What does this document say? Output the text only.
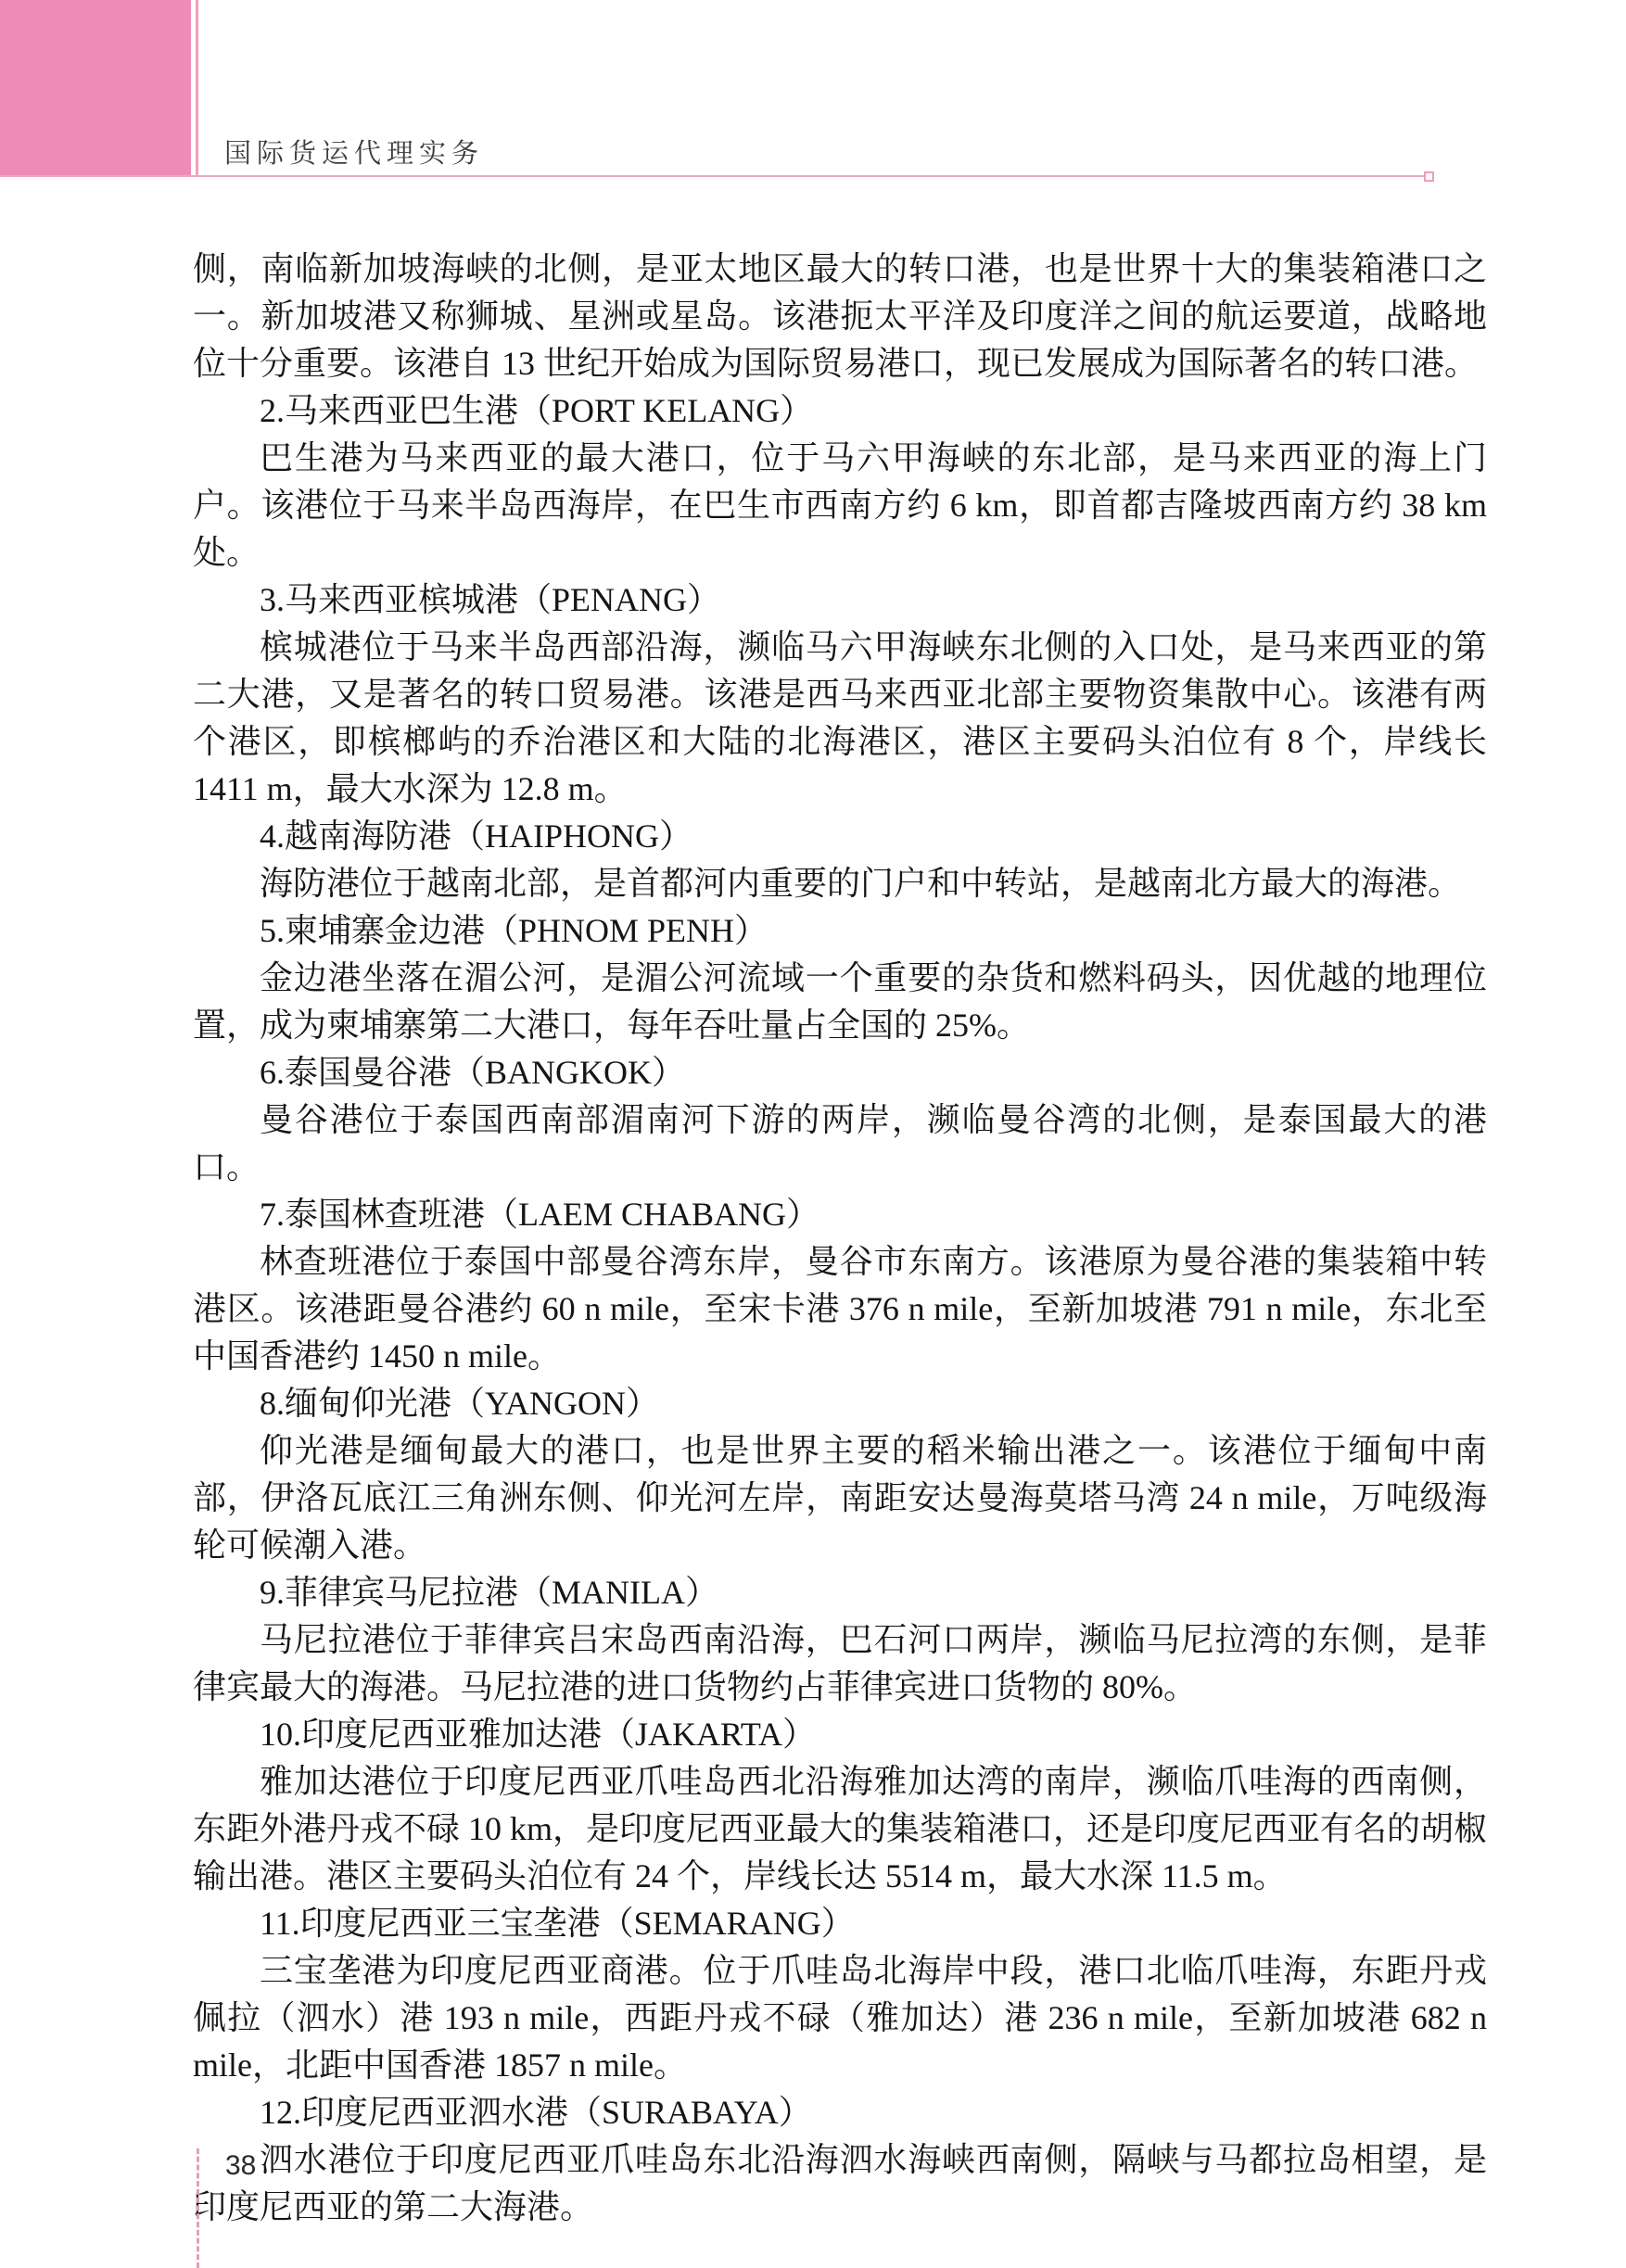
国际货运代理实务

侧，南临新加坡海峡的北侧，是亚太地区最大的转口港，也是世界十大的集装箱港口之一。新加坡港又称狮城、星洲或星岛。该港扼太平洋及印度洋之间的航运要道，战略地位十分重要。该港自 13 世纪开始成为国际贸易港口，现已发展成为国际著名的转口港。

2.马来西亚巴生港（PORT KELANG）

巴生港为马来西亚的最大港口，位于马六甲海峡的东北部，是马来西亚的海上门户。该港位于马来半岛西海岸，在巴生市西南方约 6 km，即首都吉隆坡西南方约 38 km 处。

3.马来西亚槟城港（PENANG）

槟城港位于马来半岛西部沿海，濒临马六甲海峡东北侧的入口处，是马来西亚的第二大港，又是著名的转口贸易港。该港是西马来西亚北部主要物资集散中心。该港有两个港区，即槟榔屿的乔治港区和大陆的北海港区，港区主要码头泊位有 8 个，岸线长 1411 m，最大水深为 12.8 m。

4.越南海防港（HAIPHONG）

海防港位于越南北部，是首都河内重要的门户和中转站，是越南北方最大的海港。

5.柬埔寨金边港（PHNOM PENH）

金边港坐落在湄公河，是湄公河流域一个重要的杂货和燃料码头，因优越的地理位置，成为柬埔寨第二大港口，每年吞吐量占全国的 25%。

6.泰国曼谷港（BANGKOK）

曼谷港位于泰国西南部湄南河下游的两岸，濒临曼谷湾的北侧，是泰国最大的港口。

7.泰国林查班港（LAEM CHABANG）

林查班港位于泰国中部曼谷湾东岸，曼谷市东南方。该港原为曼谷港的集装箱中转港区。该港距曼谷港约 60 n mile，至宋卡港 376 n mile，至新加坡港 791 n mile，东北至中国香港约 1450 n mile。

8.缅甸仰光港（YANGON）

仰光港是缅甸最大的港口，也是世界主要的稻米输出港之一。该港位于缅甸中南部，伊洛瓦底江三角洲东侧、仰光河左岸，南距安达曼海莫塔马湾 24 n mile，万吨级海轮可候潮入港。

9.菲律宾马尼拉港（MANILA）

马尼拉港位于菲律宾吕宋岛西南沿海，巴石河口两岸，濒临马尼拉湾的东侧，是菲律宾最大的海港。马尼拉港的进口货物约占菲律宾进口货物的 80%。

10.印度尼西亚雅加达港（JAKARTA）

雅加达港位于印度尼西亚爪哇岛西北沿海雅加达湾的南岸，濒临爪哇海的西南侧，东距外港丹戎不碌 10 km，是印度尼西亚最大的集装箱港口，还是印度尼西亚有名的胡椒输出港。港区主要码头泊位有 24 个，岸线长达 5514 m，最大水深 11.5 m。

11.印度尼西亚三宝垄港（SEMARANG）

三宝垄港为印度尼西亚商港。位于爪哇岛北海岸中段，港口北临爪哇海，东距丹戎佩拉（泗水）港 193 n mile，西距丹戎不碌（雅加达）港 236 n mile，至新加坡港 682 n mile，北距中国香港 1857 n mile。

12.印度尼西亚泗水港（SURABAYA）

泗水港位于印度尼西亚爪哇岛东北沿海泗水海峡西南侧，隔峡与马都拉岛相望，是印度尼西亚的第二大海港。

38
